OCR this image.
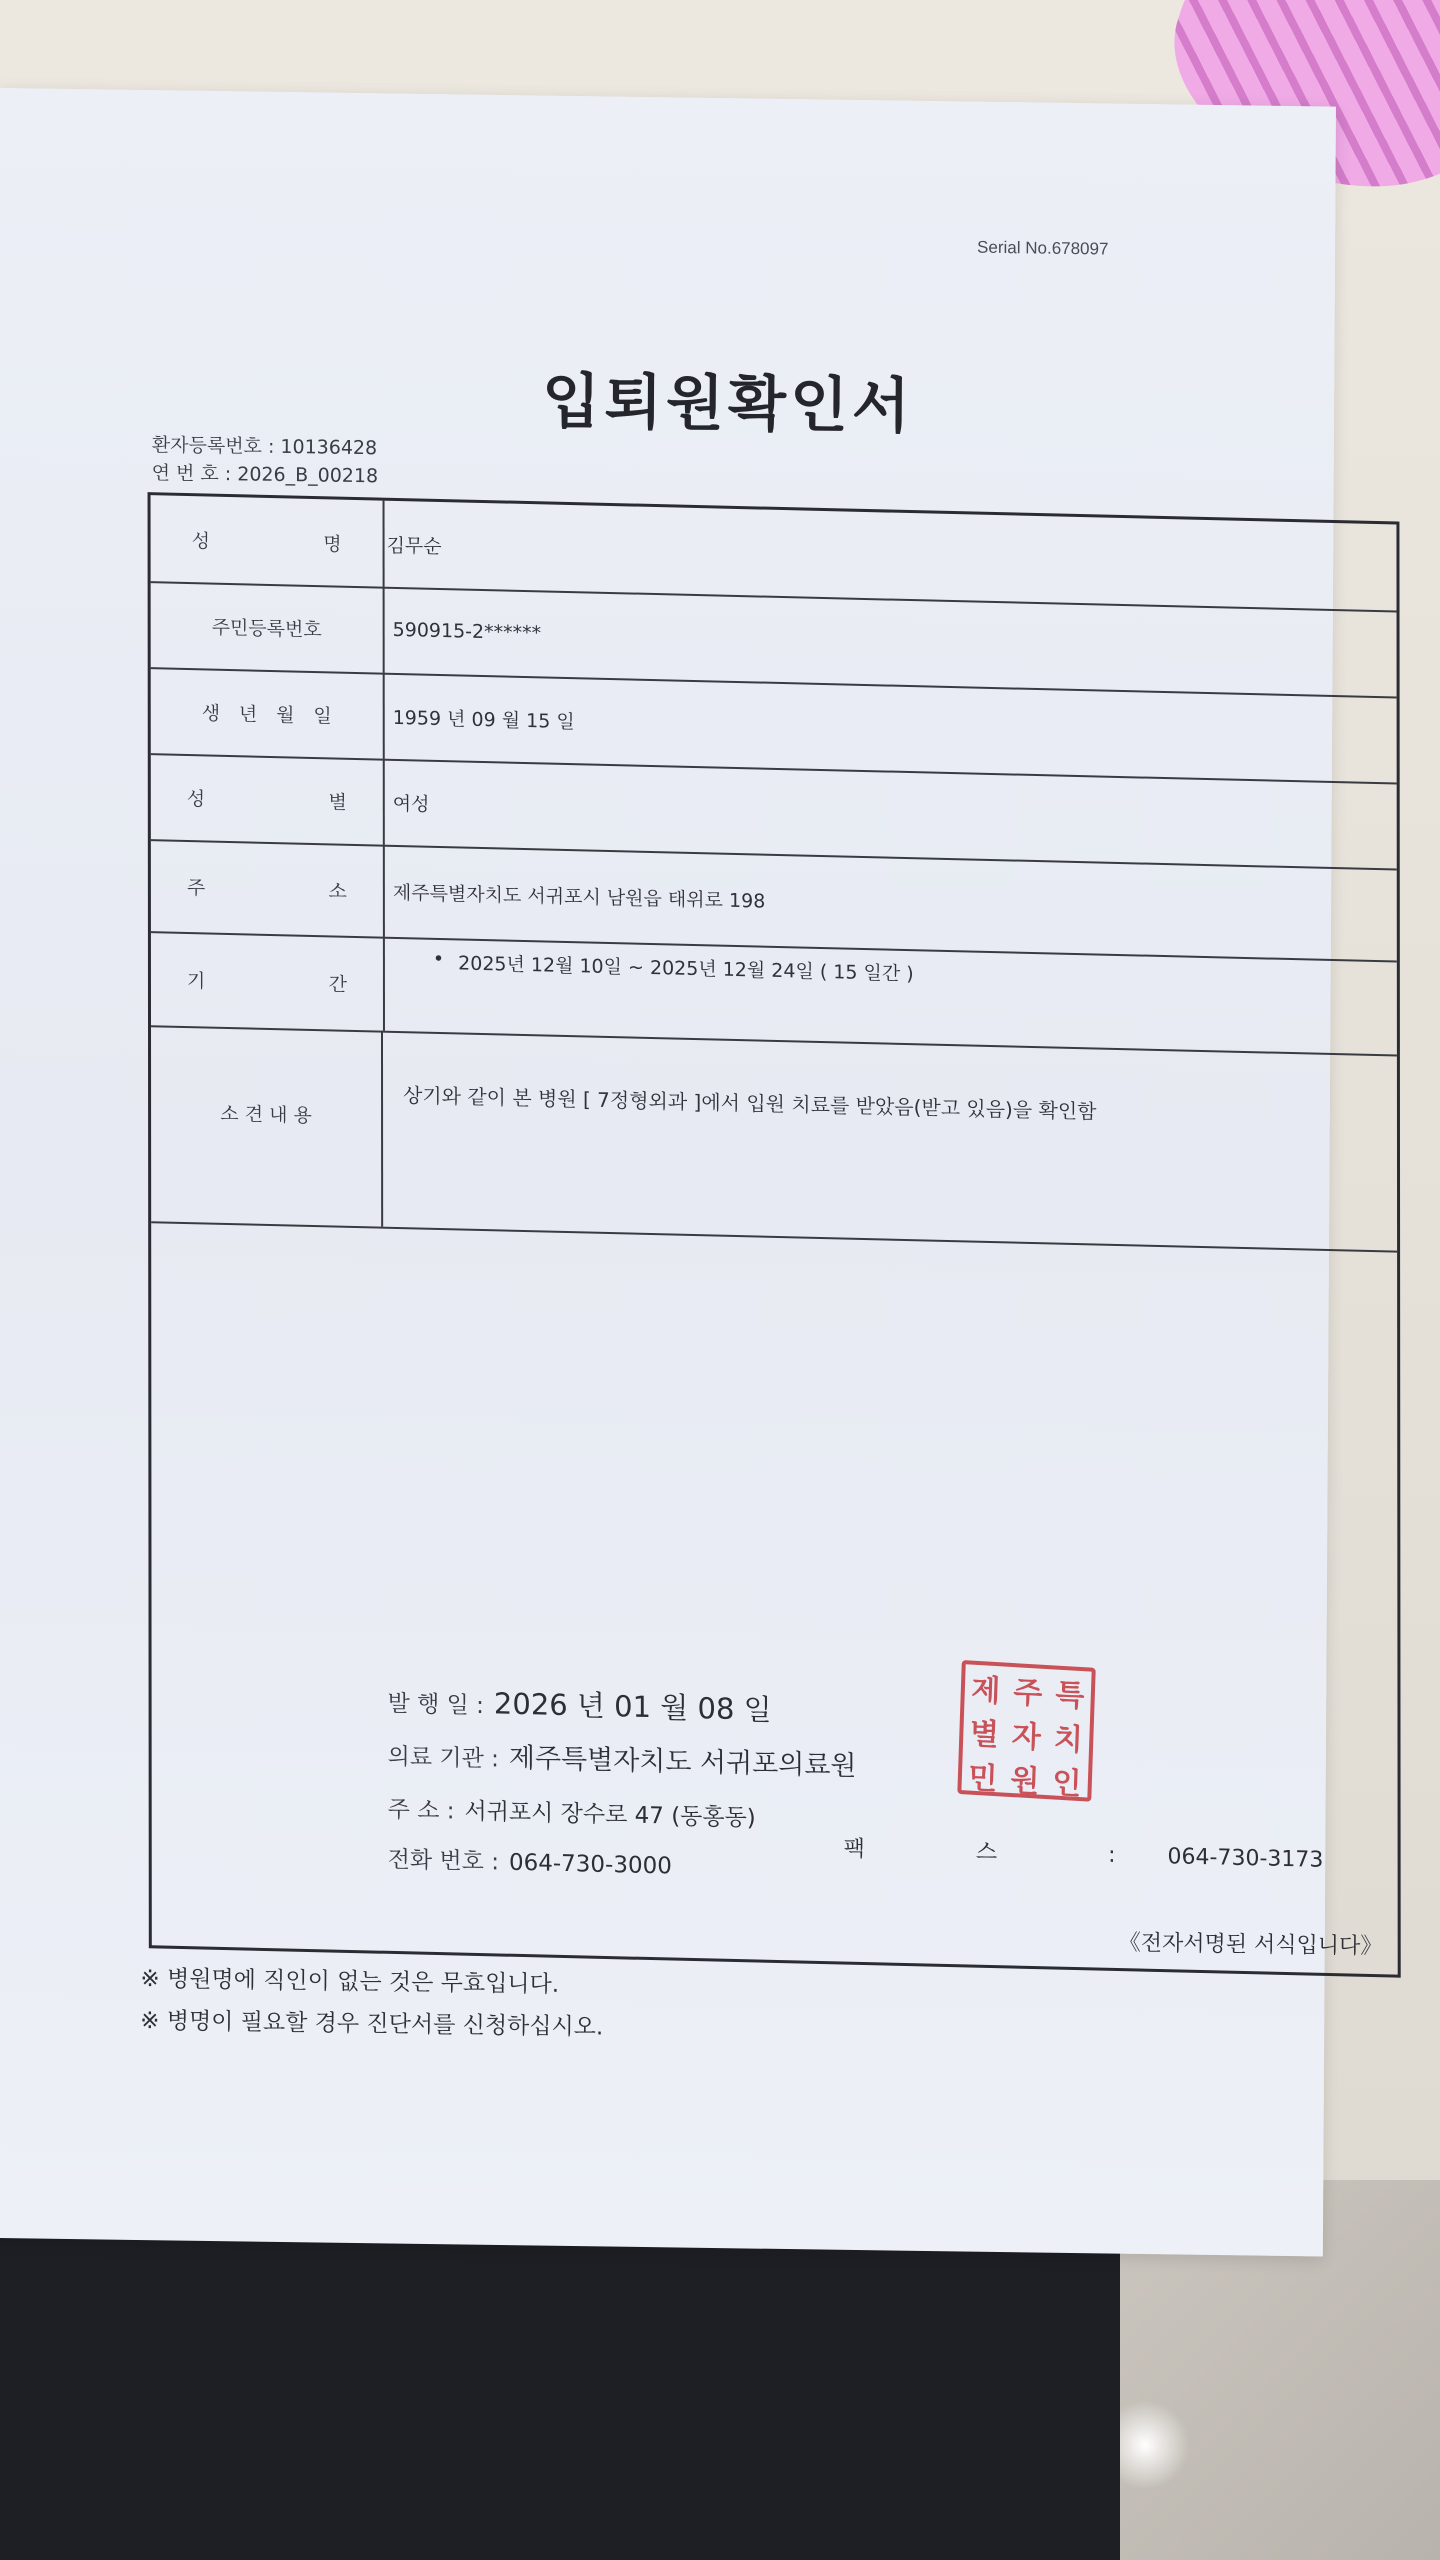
Serial No.678097
입퇴원확인서
환자등록번호 : 10136428
연 번 호 : 2026_B_00218
성	명 김무순
주민등록번호	590915-2******
생 년 월 일	1959 년 09 월 15 일
성	별 여성
주	소 제주특별자치도 서귀포시 남원읍 태위로 198
기	간
• 2025년 12월 10일 ~ 2025년 12월 24일 ( 15 일간 )
소 견 내 용	상기와 같이 본 병원 [ 7정형외과 ]에서 입원 치료를 받았음(받고 있음)을 확인함
발 행 일 : 2026 년 01 월 08 일
의료 기관 : 제주특별자치도 서귀포의료원
주 소 : 서귀포시 장수로 47 (동홍동)
전화 번호 : 064-730-3000	팩 스 :064-730-3173
제 주 특
별 자 치
민 원 인
《전자서명된 서식입니다》
※ 병원명에 직인이 없는 것은 무효입니다.
※ 병명이 필요할 경우 진단서를 신청하십시오.
